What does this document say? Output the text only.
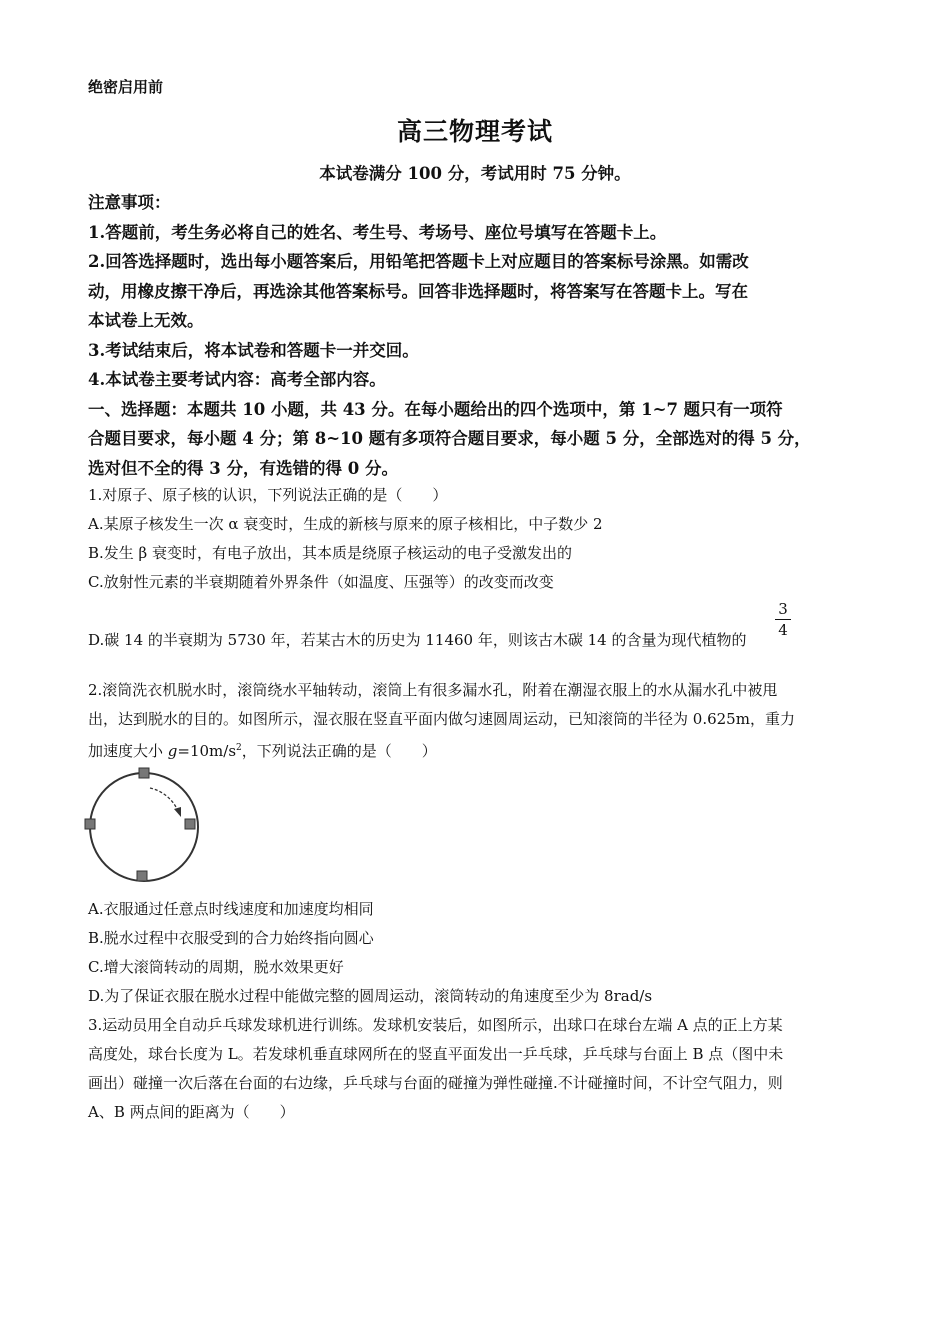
绝密启用前
高三物理考试
本试卷满分 100 分，考试用时 75 分钟。
注意事项：
1.答题前，考生务必将自己的姓名、考生号、考场号、座位号填写在答题卡上。
2.回答选择题时，选出每小题答案后，用铅笔把答题卡上对应题目的答案标号涂黑。如需改
动，用橡皮擦干净后，再选涂其他答案标号。回答非选择题时，将答案写在答题卡上。写在
本试卷上无效。
3.考试结束后，将本试卷和答题卡一并交回。
4.本试卷主要考试内容：高考全部内容。
一、选择题：本题共 10 小题，共 43 分。在每小题给出的四个选项中，第 1~7 题只有一项符
合题目要求，每小题 4 分；第 8~10 题有多项符合题目要求，每小题 5 分，全部选对的得 5 分，
选对但不全的得 3 分，有选错的得 0 分。
1.对原子、原子核的认识，下列说法正确的是（　　）
A.某原子核发生一次 α 衰变时，生成的新核与原来的原子核相比，中子数少 2
B.发生 β 衰变时，有电子放出，其本质是绕原子核运动的电子受激发出的
C.放射性元素的半衰期随着外界条件（如温度、压强等）的改变而改变
D.碳 14 的半衰期为 5730 年，若某古木的历史为 11460 年，则该古木碳 14 的含量为现代植物的
3
4
2.滚筒洗衣机脱水时，滚筒绕水平轴转动，滚筒上有很多漏水孔，附着在潮湿衣服上的水从漏水孔中被甩
出，达到脱水的目的。如图所示，湿衣服在竖直平面内做匀速圆周运动，已知滚筒的半径为 0.625m，重力
加速度大小 $g=10m/s^2$，下列说法正确的是（　　）
A.衣服通过任意点时线速度和加速度均相同
B.脱水过程中衣服受到的合力始终指向圆心
C.增大滚筒转动的周期，脱水效果更好
D.为了保证衣服在脱水过程中能做完整的圆周运动，滚筒转动的角速度至少为 8rad/s
3.运动员用全自动乒乓球发球机进行训练。发球机安装后，如图所示，出球口在球台左端 A 点的正上方某
高度处，球台长度为 L。若发球机垂直球网所在的竖直平面发出一乒乓球，乒乓球与台面上 B 点（图中未
画出）碰撞一次后落在台面的右边缘，乒乓球与台面的碰撞为弹性碰撞.不计碰撞时间，不计空气阻力，则
A、B 两点间的距离为（　　）
